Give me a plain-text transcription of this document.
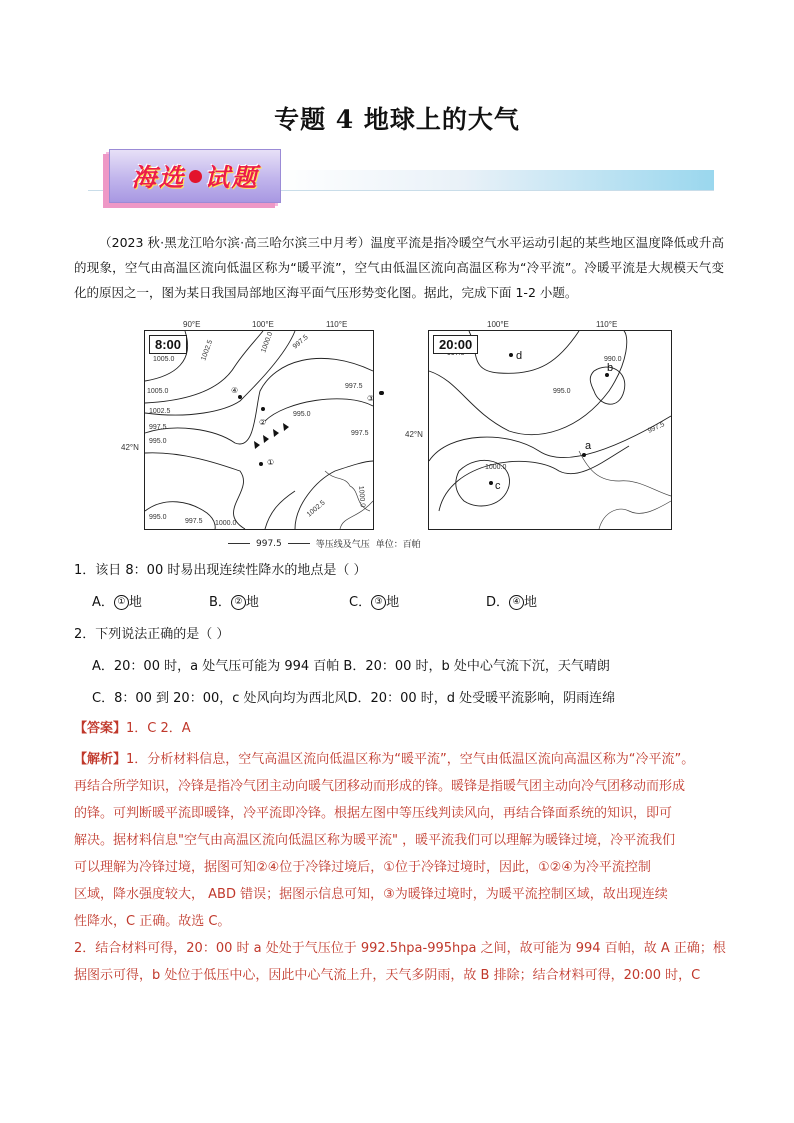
专题 4 地球上的大气
海选 试题
（2023 秋·黑龙江哈尔滨·高三哈尔滨三中月考）温度平流是指冷暖空气水平运动引起的某些地区温度降低或升高的现象，空气由高温区流向低温区称为“暖平流”，空气由低温区流向高温区称为“冷平流”。冷暖平流是大规模天气变化的原因之一，图为某日我国局部地区海平面气压形势变化图。据此，完成下面 1-2 小题。
1005.0	1002.5	1000.0	997.5
1005.0
1002.5
997.5
995.0
995.0
997.5
997.5
1000.0
995.0
997.5 1000.0
1002.5
④
②
①
③
8:00
90°E	100°E	110°E
42°N
995.0
990.0
997.5
1000.0
d
b
a
c
20:00
100°E	110°E
42°N
997.5	等压线及气压 单位：百帕
1．该日 8：00 时易出现连续性降水的地点是（ ）
A． ① 地	B． ② 地	C． ③ 地	D． ④ 地
2．下列说法正确的是（ ）
A．20：00 时，a 处气压可能为 994 百帕 B．20：00 时，b 处中心气流下沉，天气晴朗
C．8：00 到 20：00，c 处风向均为西北风D．20：00 时，d 处受暖平流影响，阴雨连绵
【答案】1．C 2．A

【解析】1．分析材料信息，空气高温区流向低温区称为“暖平流”，空气由低温区流向高温区称为“冷平流”。

再结合所学知识，冷锋是指冷气团主动向暖气团移动而形成的锋。暖锋是指暖气团主动向冷气团移动而形成

的锋。可判断暖平流即暖锋，冷平流即冷锋。根据左图中等压线判读风向，再结合锋面系统的知识，即可

解决。据材料信息"空气由高温区流向低温区称为暖平流" ，暖平流我们可以理解为暖锋过境，冷平流我们

可以理解为冷锋过境，据图可知②④位于冷锋过境后，①位于冷锋过境时，因此，①②④为冷平流控制

区域，降水强度较大， ABD 错误；据图示信息可知，③为暖锋过境时，为暖平流控制区域，故出现连续

性降水，C 正确。故选 C。

2．结合材料可得，20：00 时 a 处处于气压位于 992.5hpa-995hpa 之间，故可能为 994 百帕，故 A 正确；根

据图示可得，b 处位于低压中心，因此中心气流上升，天气多阴雨，故 B 排除；结合材料可得，20:00 时，C
